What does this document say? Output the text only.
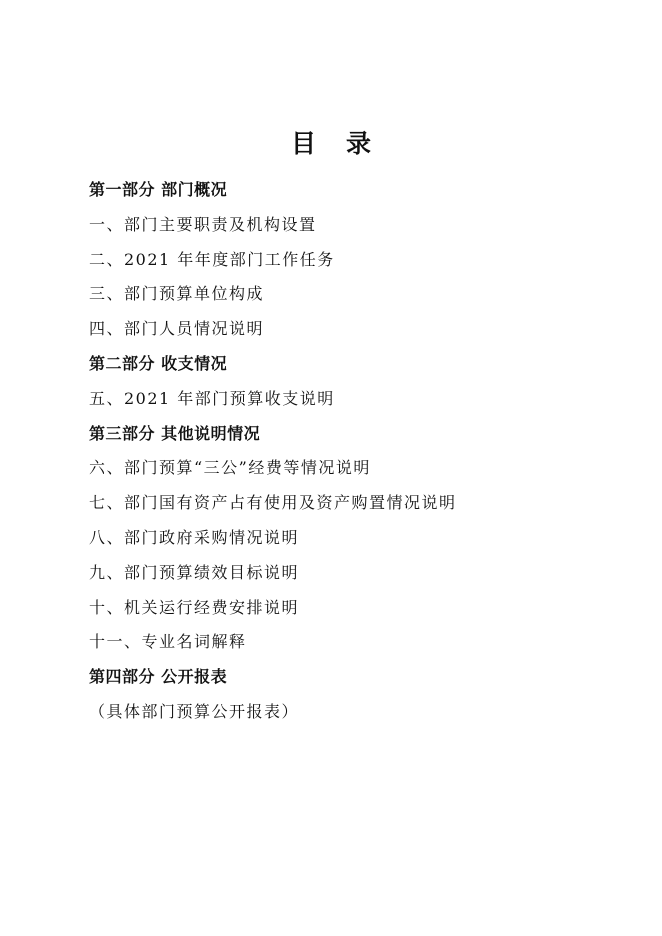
目 录
第一部分 部门概况
一、部门主要职责及机构设置
二、2021 年年度部门工作任务
三、部门预算单位构成
四、部门人员情况说明
第二部分 收支情况
五、2021 年部门预算收支说明
第三部分 其他说明情况
六、部门预算“三公”经费等情况说明
七、部门国有资产占有使用及资产购置情况说明
八、部门政府采购情况说明
九、部门预算绩效目标说明
十、机关运行经费安排说明
十一、专业名词解释
第四部分 公开报表
（具体部门预算公开报表）
